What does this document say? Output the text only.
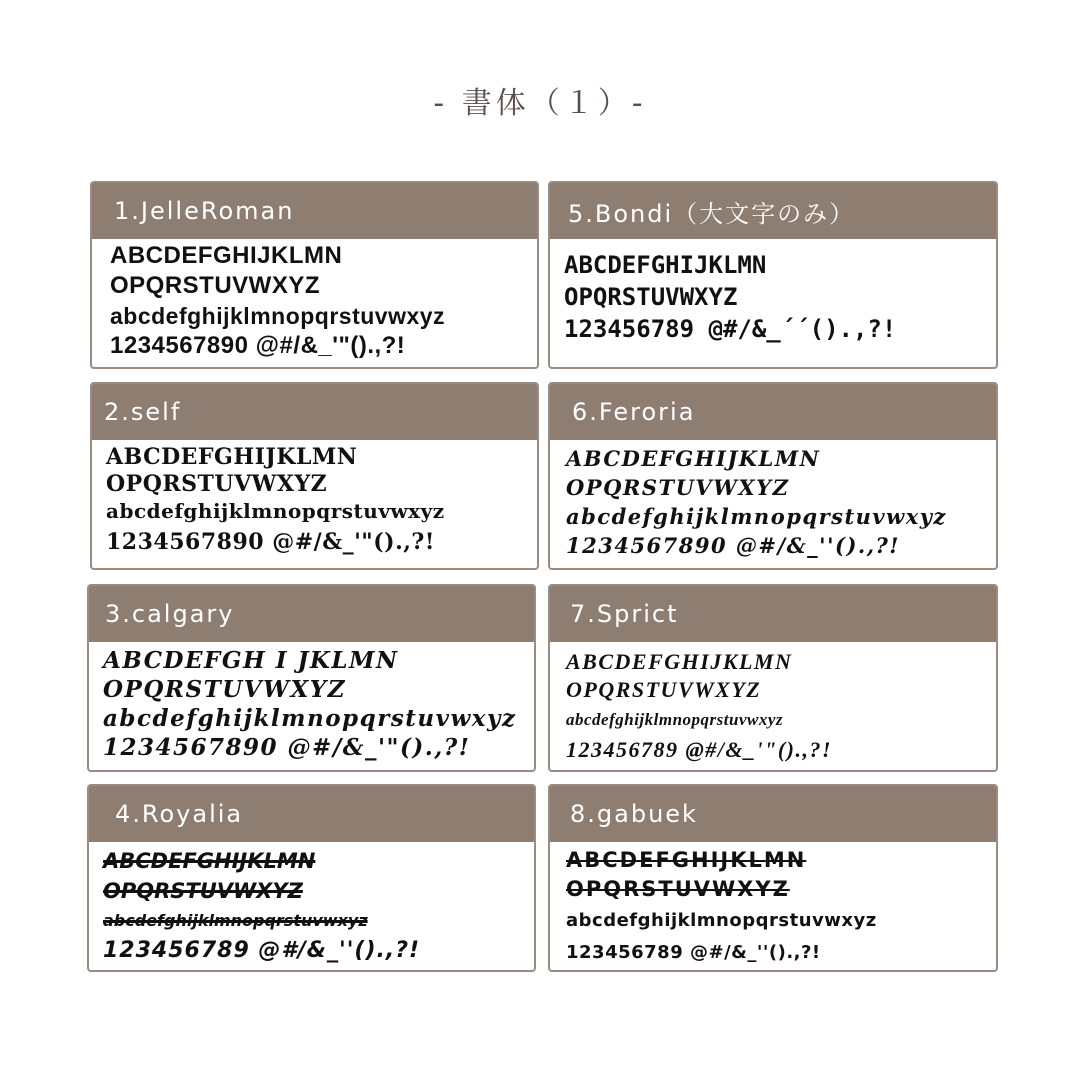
- 書体（１）-
1.JelleRoman
ABCDEFGHIJKLMN
OPQRSTUVWXYZ
abcdefghijklmnopqrstuvwxyz
1234567890 @#/&_'"().,?!
2.self
ABCDEFGHIJKLMN
OPQRSTUVWXYZ
abcdefghijklmnopqrstuvwxyz
1234567890 @#/&_'"().,?!
3.calgary
ABCDEFGH I JKLMN
OPQRSTUVWXYZ
abcdefghijklmnopqrstuvwxyz
1234567890 @#/&_'"().,?!
4.Royalia
ABCDEFGHIJKLMN
OPQRSTUVWXYZ
abcdefghijklmnopqrstuvwxyz
123456789 @#/&_''().,?!
5.Bondi（大文字のみ）
ABCDEFGHIJKLMN
OPQRSTUVWXYZ
123456789 @#/&_´´().,?!
6.Feroria
ABCDEFGHIJKLMN
OPQRSTUVWXYZ
abcdefghijklmnopqrstuvwxyz
1234567890 @#/&_''().,?!
7.Sprict
ABCDEFGHIJKLMN
OPQRSTUVWXYZ
abcdefghijklmnopqrstuvwxyz
123456789 @#/&_'"().,?!
8.gabuek
ABCDEFGHIJKLMN
OPQRSTUVWXYZ
abcdefghijklmnopqrstuvwxyz
123456789 @#/&_''().,?!
